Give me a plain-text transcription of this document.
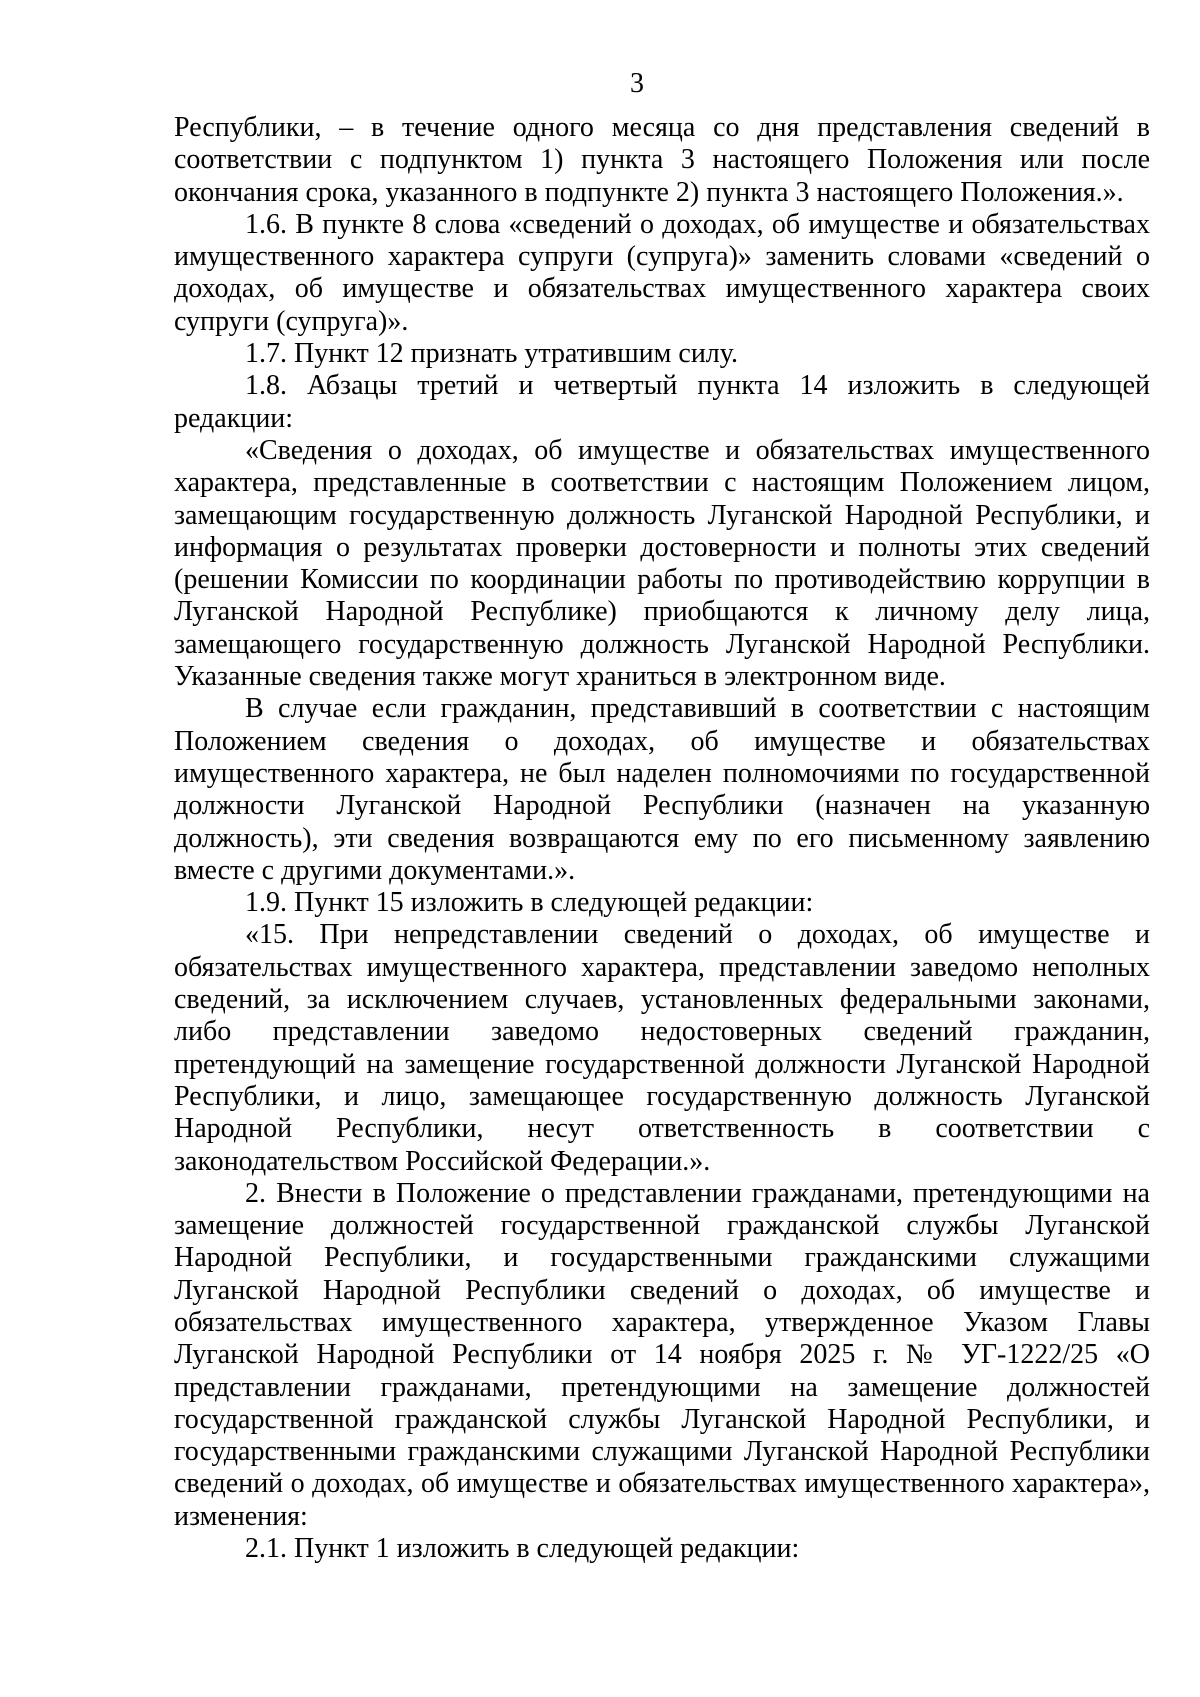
3

Республики, – в течение одного месяца со дня представления сведений в соответствии с подпунктом 1) пункта 3 настоящего Положения или после окончания срока, указанного в подпункте 2) пункта 3 настоящего Положения.».

1.6. В пункте 8 слова «сведений о доходах, об имуществе и обязательствах имущественного характера супруги (супруга)» заменить словами «сведений о доходах, об имуществе и обязательствах имущественного характера своих супруги (супруга)».

1.7. Пункт 12 признать утратившим силу.

1.8. Абзацы третий и четвертый пункта 14 изложить в следующей редакции:

«Сведения о доходах, об имуществе и обязательствах имущественного характера, представленные в соответствии с настоящим Положением лицом, замещающим государственную должность Луганской Народной Республики, и информация о результатах проверки достоверности и полноты этих сведений (решении Комиссии по координации работы по противодействию коррупции в Луганской Народной Республике) приобщаются к личному делу лица, замещающего государственную должность Луганской Народной Республики. Указанные сведения также могут храниться в электронном виде.

В случае если гражданин, представивший в соответствии с настоящим Положением сведения о доходах, об имуществе и обязательствах имущественного характера, не был наделен полномочиями по государственной должности Луганской Народной Республики (назначен на указанную должность), эти сведения возвращаются ему по его письменному заявлению вместе с другими документами.».

1.9. Пункт 15 изложить в следующей редакции:

«15. При непредставлении сведений о доходах, об имуществе и обязательствах имущественного характера, представлении заведомо неполных сведений, за исключением случаев, установленных федеральными законами, либо представлении заведомо недостоверных сведений гражданин, претендующий на замещение государственной должности Луганской Народной Республики, и лицо, замещающее государственную должность Луганской Народной Республики, несут ответственность в соответствии с законодательством Российской Федерации.».

2. Внести в Положение о представлении гражданами, претендующими на замещение должностей государственной гражданской службы Луганской Народной Республики, и государственными гражданскими служащими Луганской Народной Республики сведений о доходах, об имуществе и обязательствах имущественного характера, утвержденное Указом Главы Луганской Народной Республики от 14 ноября 2025 г. № УГ-1222/25 «О представлении гражданами, претендующими на замещение должностей государственной гражданской службы Луганской Народной Республики, и государственными гражданскими служащими Луганской Народной Республики сведений о доходах, об имуществе и обязательствах имущественного характера», изменения:

2.1. Пункт 1 изложить в следующей редакции:
